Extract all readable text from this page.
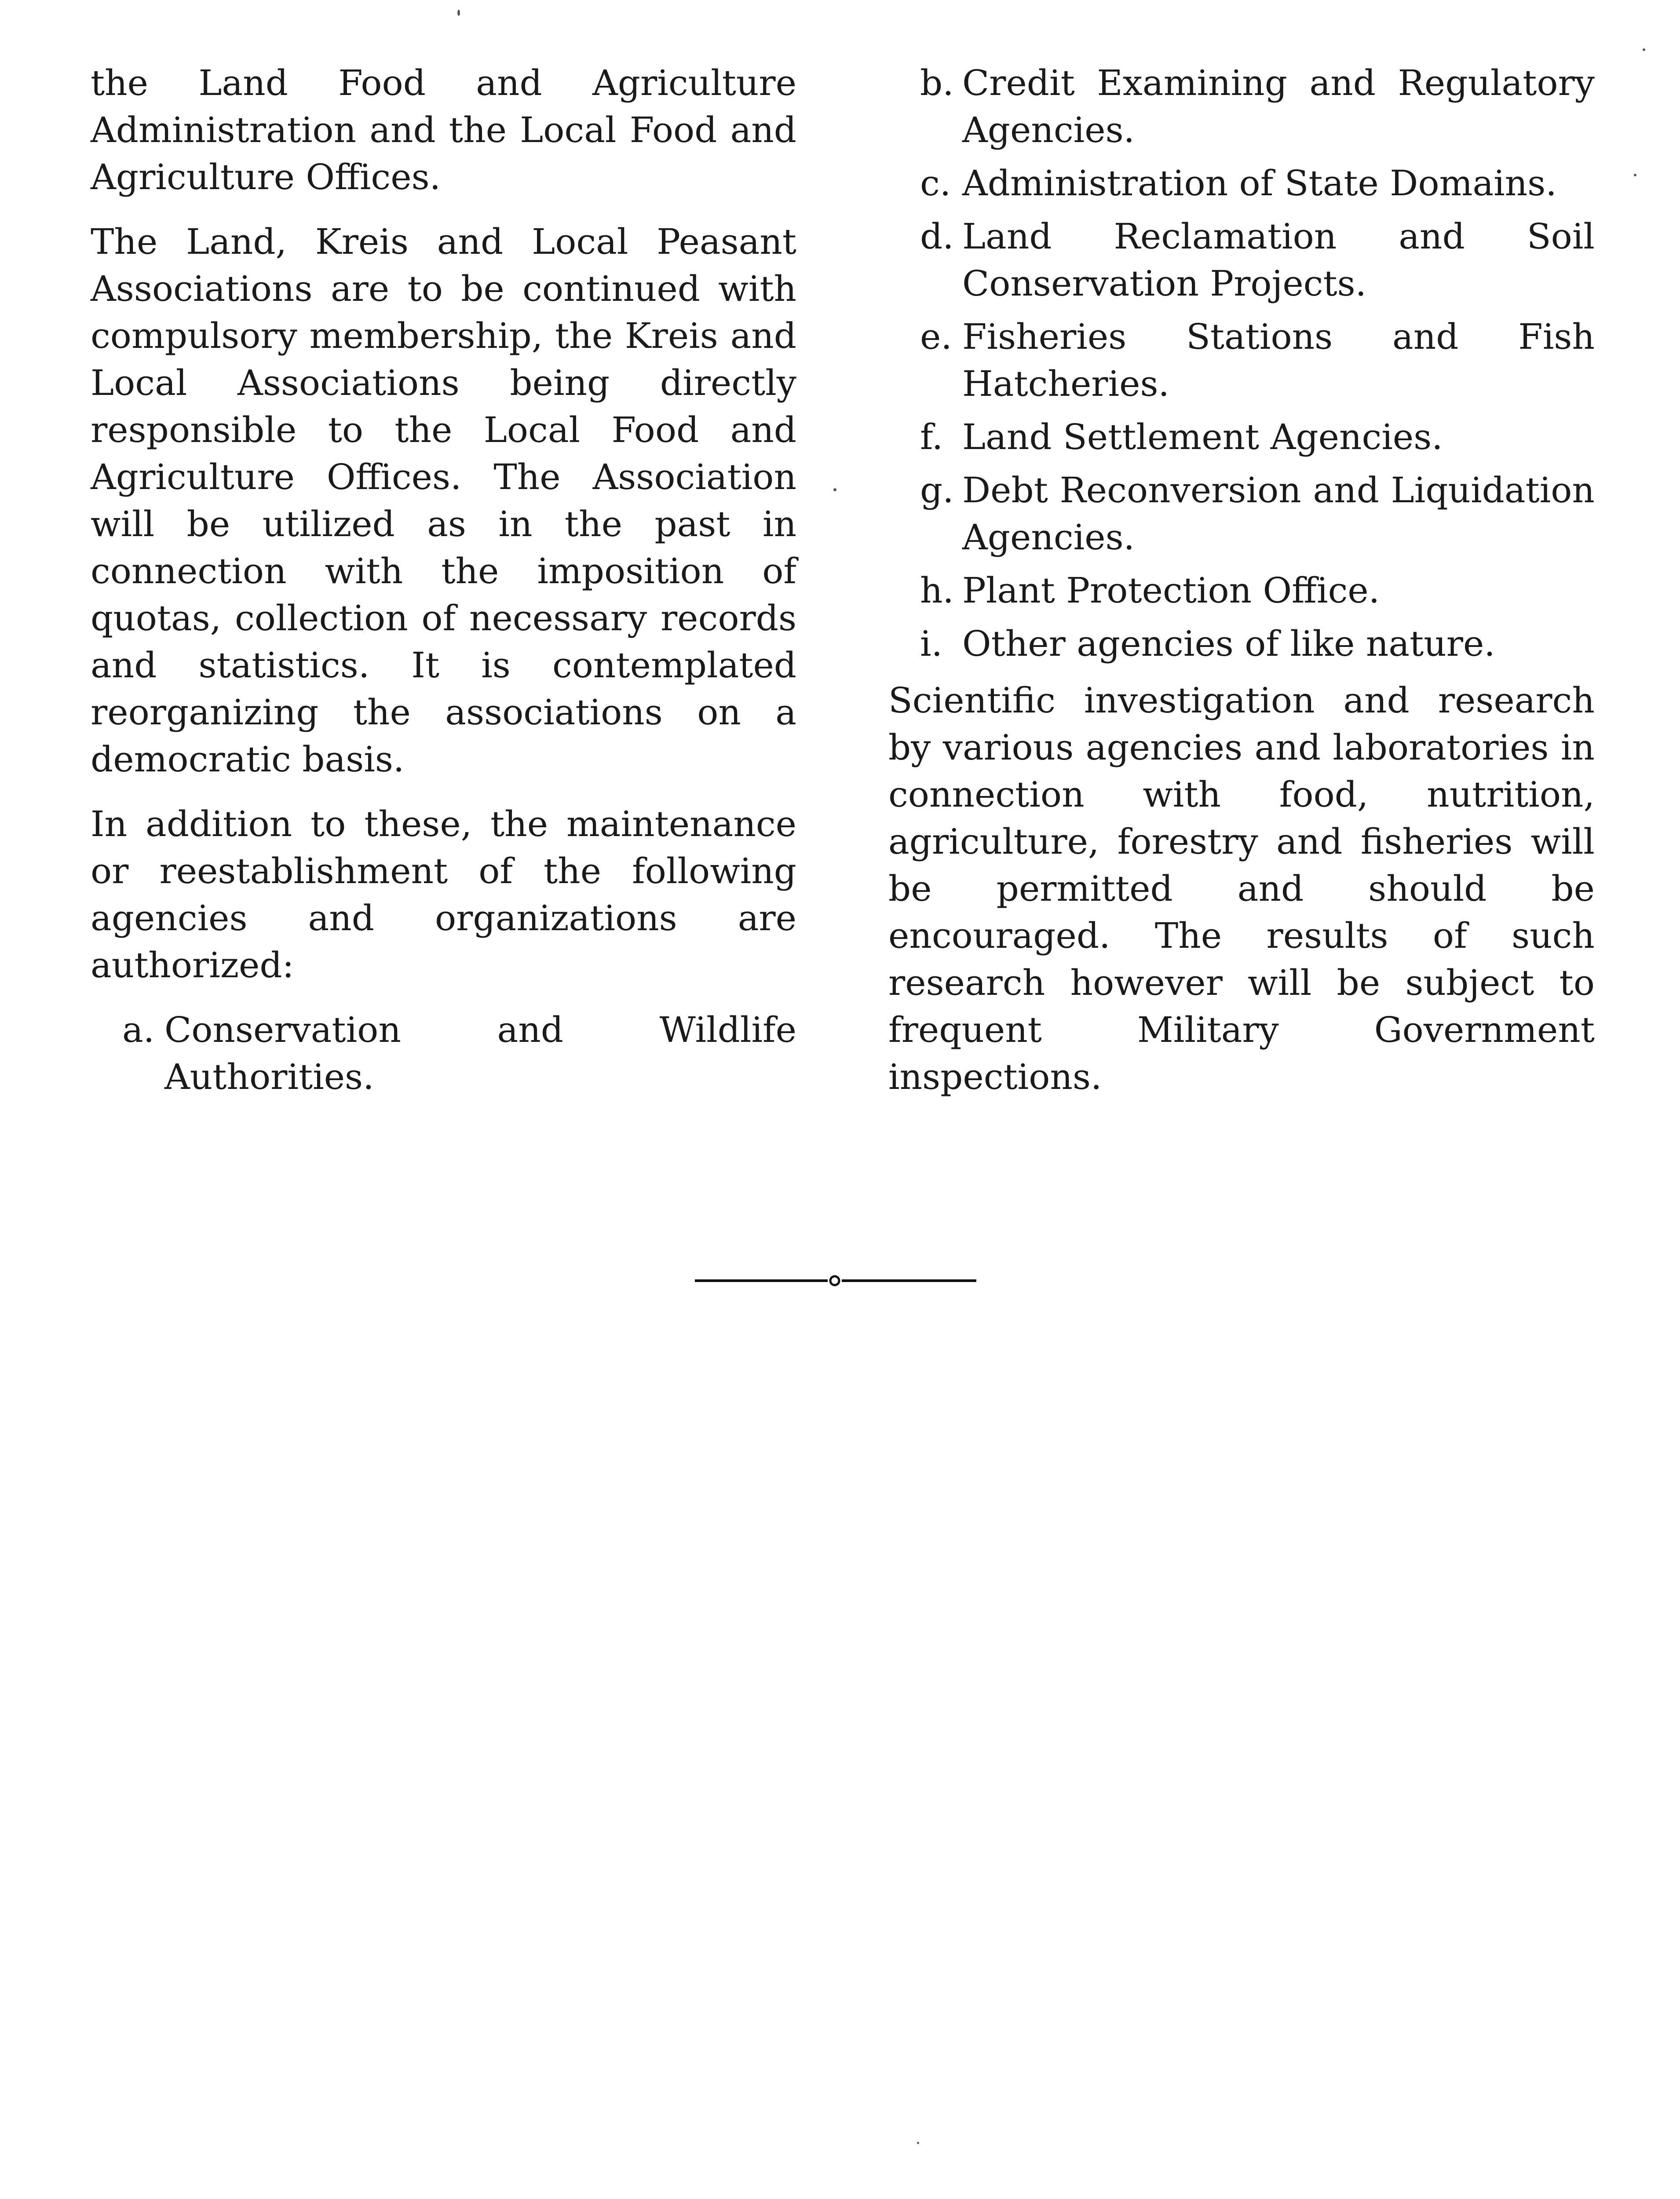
the Land Food and Agriculture Administration and the Local Food and Agriculture Offices.

The Land, Kreis and Local Peasant Associations are to be continued with compulsory membership, the Kreis and Local Associations being directly responsible to the Local Food and Agriculture Offices. The Association will be utilized as in the past in connection with the imposition of quotas, collection of necessary records and statistics. It is contemplated reorganizing the associations on a democratic basis.

In addition to these, the maintenance or reestablishment of the following agencies and organizations are authorized:

a. Conservation and Wildlife Authorities.
b. Credit Examining and Regulatory Agencies.
c. Administration of State Domains.
d. Land Reclamation and Soil Conservation Projects.
e. Fisheries Stations and Fish Hatcheries.
f. Land Settlement Agencies.
g. Debt Reconversion and Liquidation Agencies.
h. Plant Protection Office.
i. Other agencies of like nature.

Scientific investigation and research by various agencies and laboratories in connection with food, nutrition, agriculture, forestry and fisheries will be permitted and should be encouraged. The results of such research however will be subject to frequent Military Government inspections.
